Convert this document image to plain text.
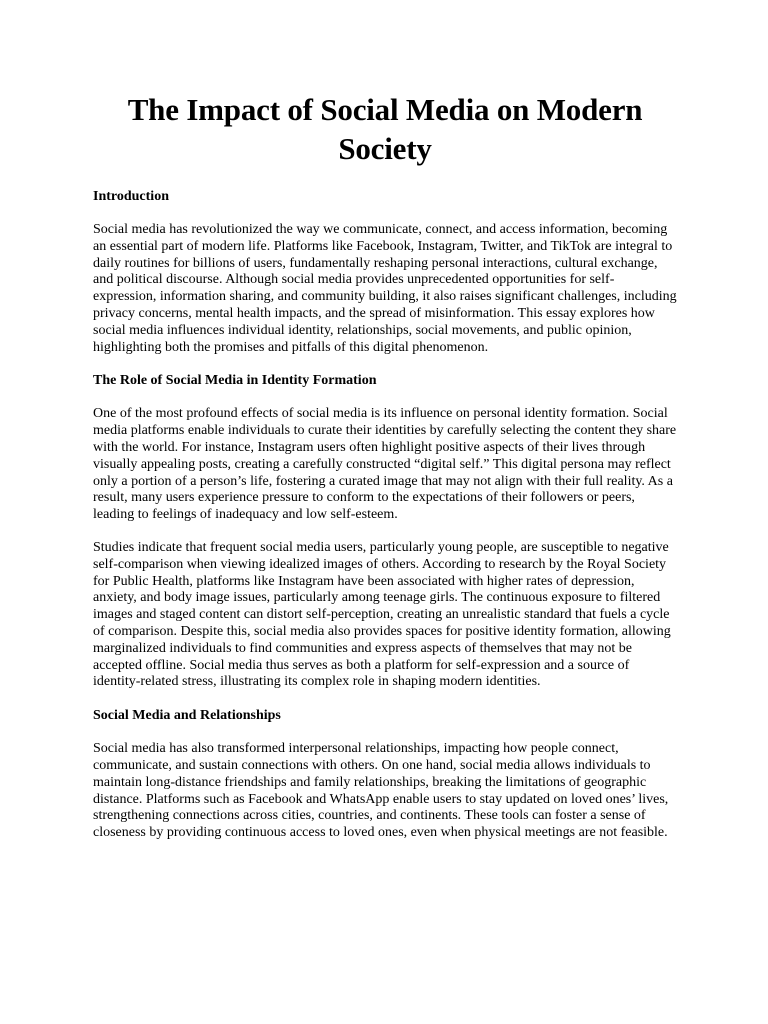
The Impact of Social Media on Modern Society
Introduction

Social media has revolutionized the way we communicate, connect, and access information, becoming an essential part of modern life. Platforms like Facebook, Instagram, Twitter, and TikTok are integral to daily routines for billions of users, fundamentally reshaping personal interactions, cultural exchange, and political discourse. Although social media provides unprecedented opportunities for self-expression, information sharing, and community building, it also raises significant challenges, including privacy concerns, mental health impacts, and the spread of misinformation. This essay explores how social media influences individual identity, relationships, social movements, and public opinion, highlighting both the promises and pitfalls of this digital phenomenon.

The Role of Social Media in Identity Formation

One of the most profound effects of social media is its influence on personal identity formation. Social media platforms enable individuals to curate their identities by carefully selecting the content they share with the world. For instance, Instagram users often highlight positive aspects of their lives through visually appealing posts, creating a carefully constructed “digital self.” This digital persona may reflect only a portion of a person’s life, fostering a curated image that may not align with their full reality. As a result, many users experience pressure to conform to the expectations of their followers or peers, leading to feelings of inadequacy and low self-esteem.

Studies indicate that frequent social media users, particularly young people, are susceptible to negative self-comparison when viewing idealized images of others. According to research by the Royal Society for Public Health, platforms like Instagram have been associated with higher rates of depression, anxiety, and body image issues, particularly among teenage girls. The continuous exposure to filtered images and staged content can distort self-perception, creating an unrealistic standard that fuels a cycle of comparison. Despite this, social media also provides spaces for positive identity formation, allowing marginalized individuals to find communities and express aspects of themselves that may not be accepted offline. Social media thus serves as both a platform for self-expression and a source of identity-related stress, illustrating its complex role in shaping modern identities.

Social Media and Relationships

Social media has also transformed interpersonal relationships, impacting how people connect, communicate, and sustain connections with others. On one hand, social media allows individuals to maintain long-distance friendships and family relationships, breaking the limitations of geographic distance. Platforms such as Facebook and WhatsApp enable users to stay updated on loved ones’ lives, strengthening connections across cities, countries, and continents. These tools can foster a sense of closeness by providing continuous access to loved ones, even when physical meetings are not feasible.
